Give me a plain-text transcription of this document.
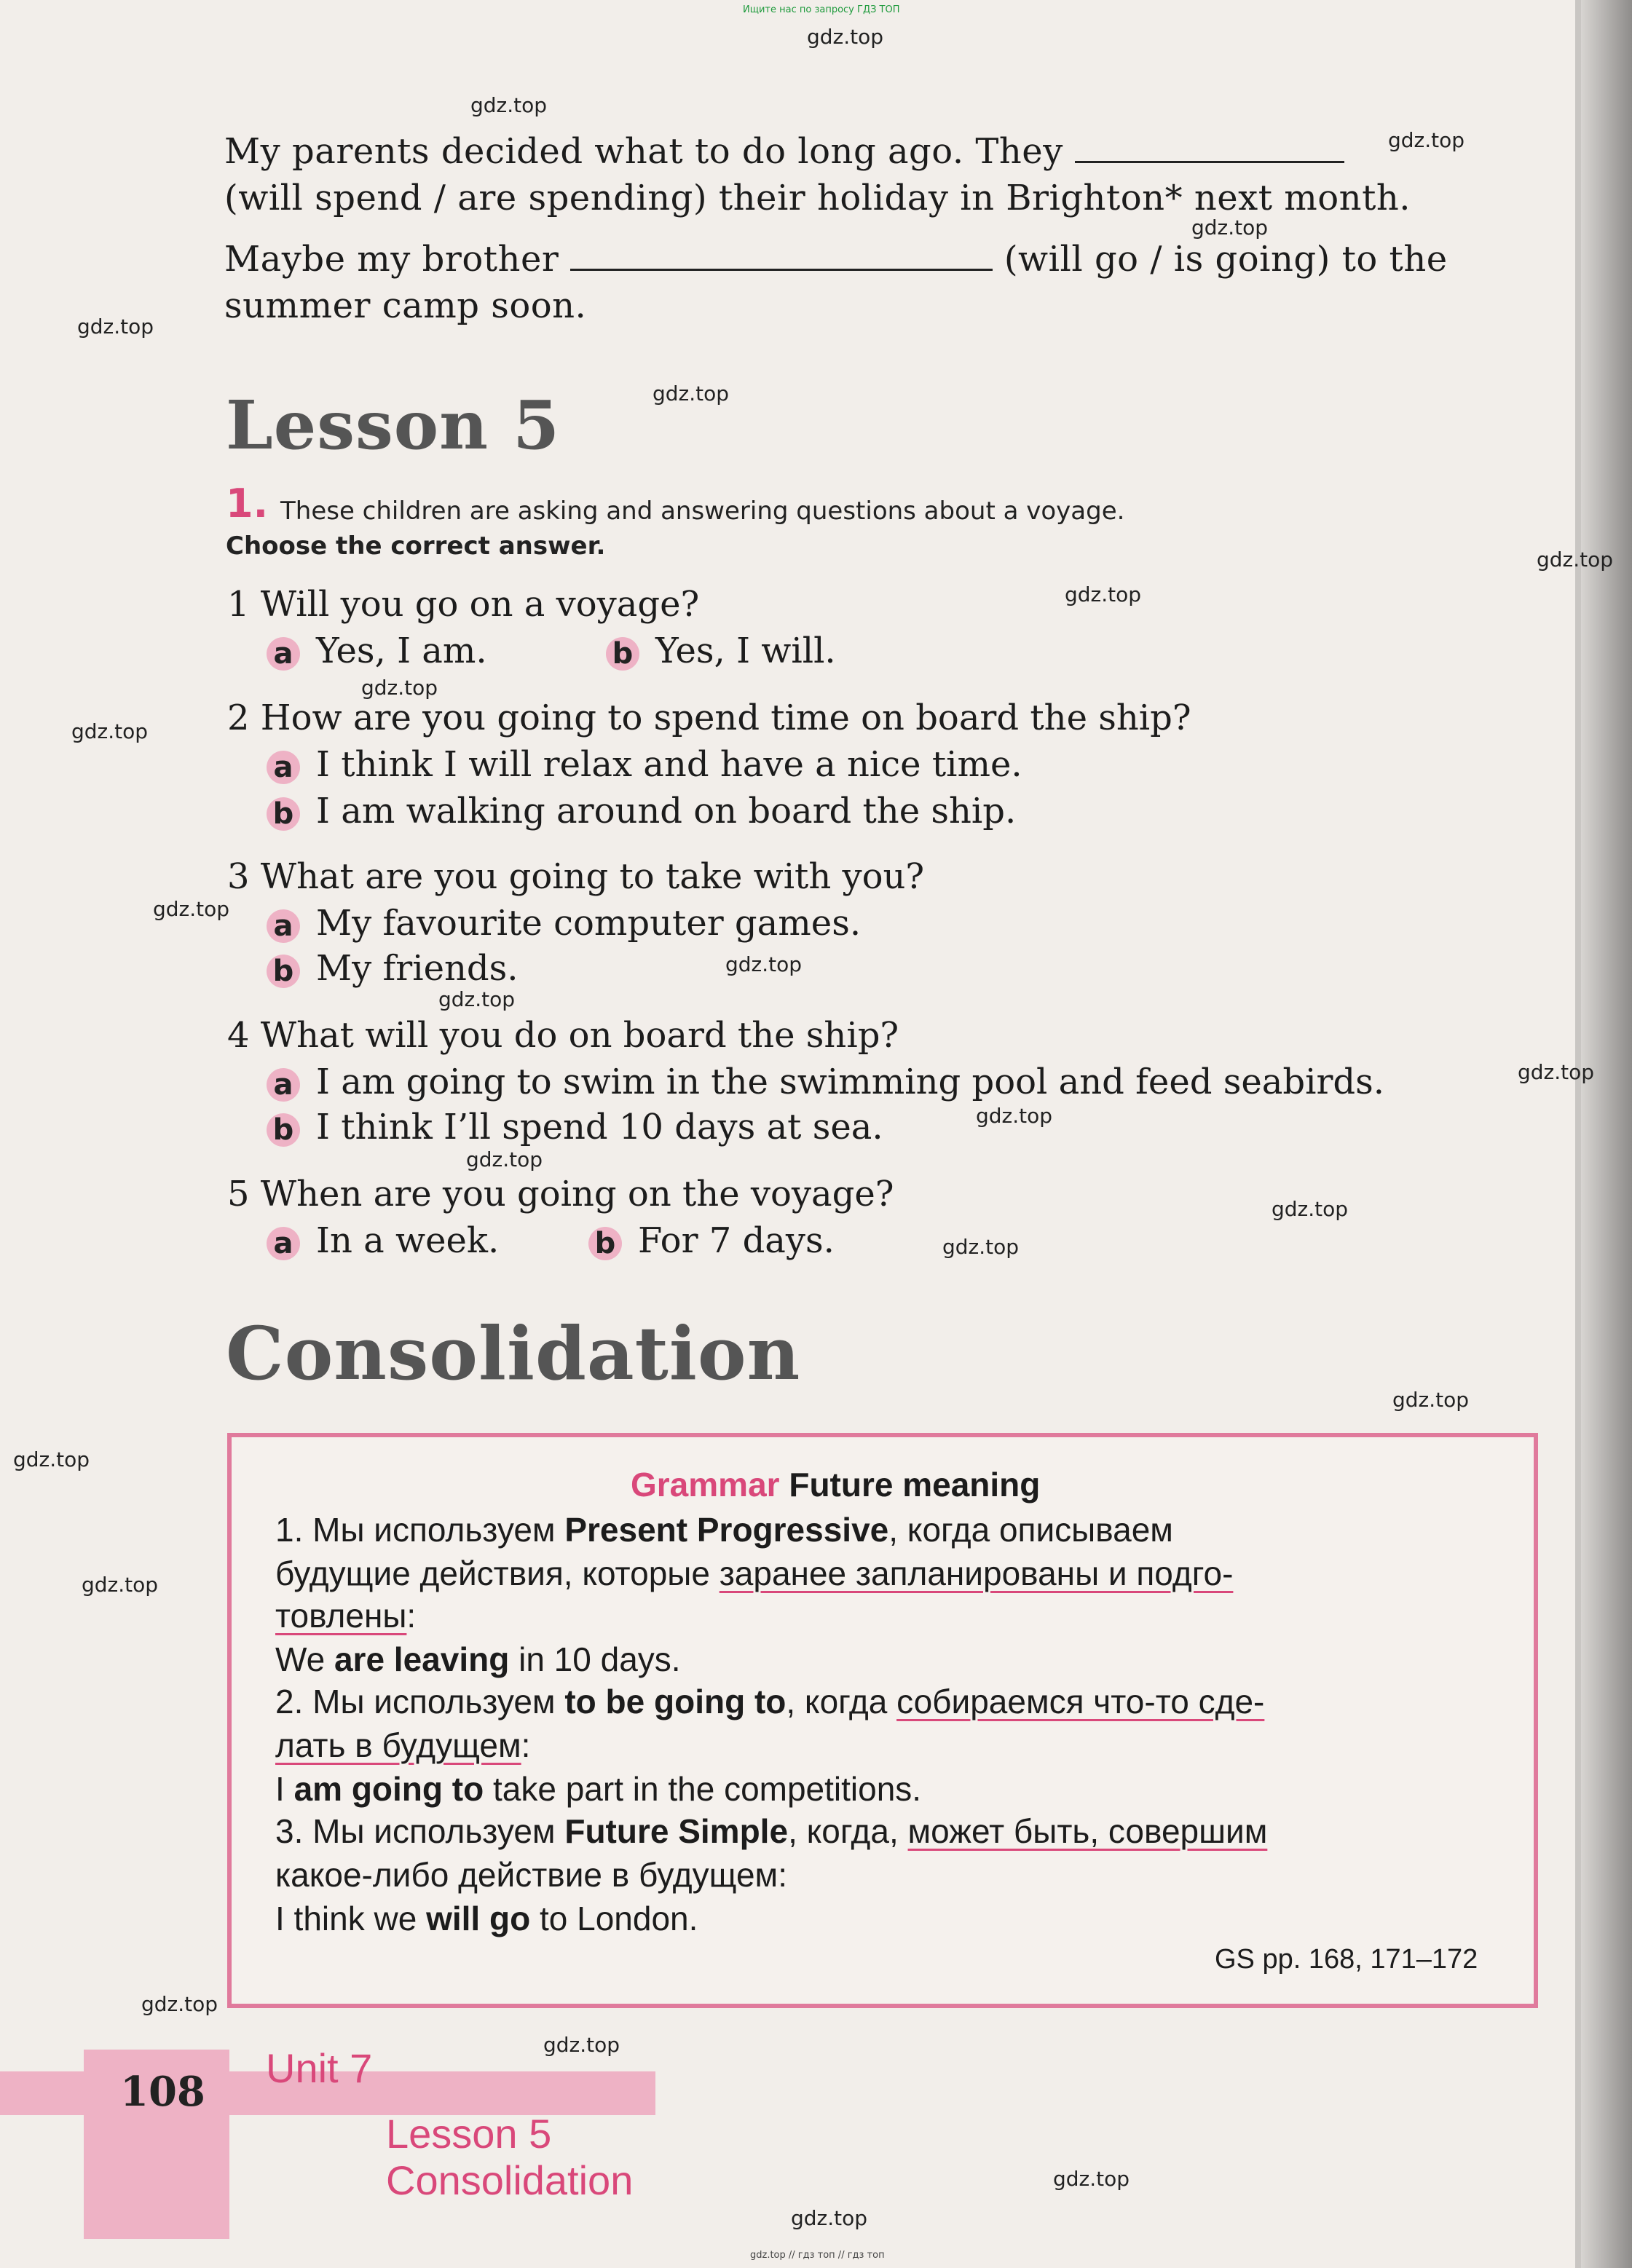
Ищите нас по запросу ГДЗ ТОП
gdz.top
gdz.top
gdz.top
gdz.top
gdz.top
gdz.top
gdz.top
gdz.top
gdz.top
gdz.top
gdz.top
gdz.top
gdz.top
gdz.top
gdz.top
gdz.top
gdz.top
gdz.top
gdz.top
gdz.top
gdz.top
gdz.top
gdz.top
gdz.top
gdz.top
My parents decided what to do long ago. They
(will spend / are spending) their holiday in Brighton* next month.
Maybe my brother	(will go / is going) to the
summer camp soon.
Lesson 5
1. These children are asking and answering questions about a voyage.
Choose the correct answer.
1 Will you go on a voyage?
a Yes, I am.	b Yes, I will.
2 How are you going to spend time on board the ship?
a I think I will relax and have a nice time.
b I am walking around on board the ship.
3 What are you going to take with you?
a My favourite computer games.
b My friends.
4 What will you do on board the ship?
a I am going to swim in the swimming pool and feed seabirds.
b I think I’ll spend 10 days at sea.
5 When are you going on the voyage?
a In a week.	b For 7 days.
Consolidation
Grammar Future meaning
1. Мы используем Present Progressive, когда описываем
будущие действия, которые заранее запланированы и подго-
товлены:
We are leaving in 10 days.
2. Мы используем to be going to, когда собираемся что-то сде-
лать в будущем:
I am going to take part in the competitions.
3. Мы используем Future Simple, когда, может быть, совершим
какое-либо действие в будущем:
I think we will go to London.
GS pp. 168, 171–172
108 Unit 7
Lesson 5
Consolidation
gdz.top // гдз топ // гдз топ
